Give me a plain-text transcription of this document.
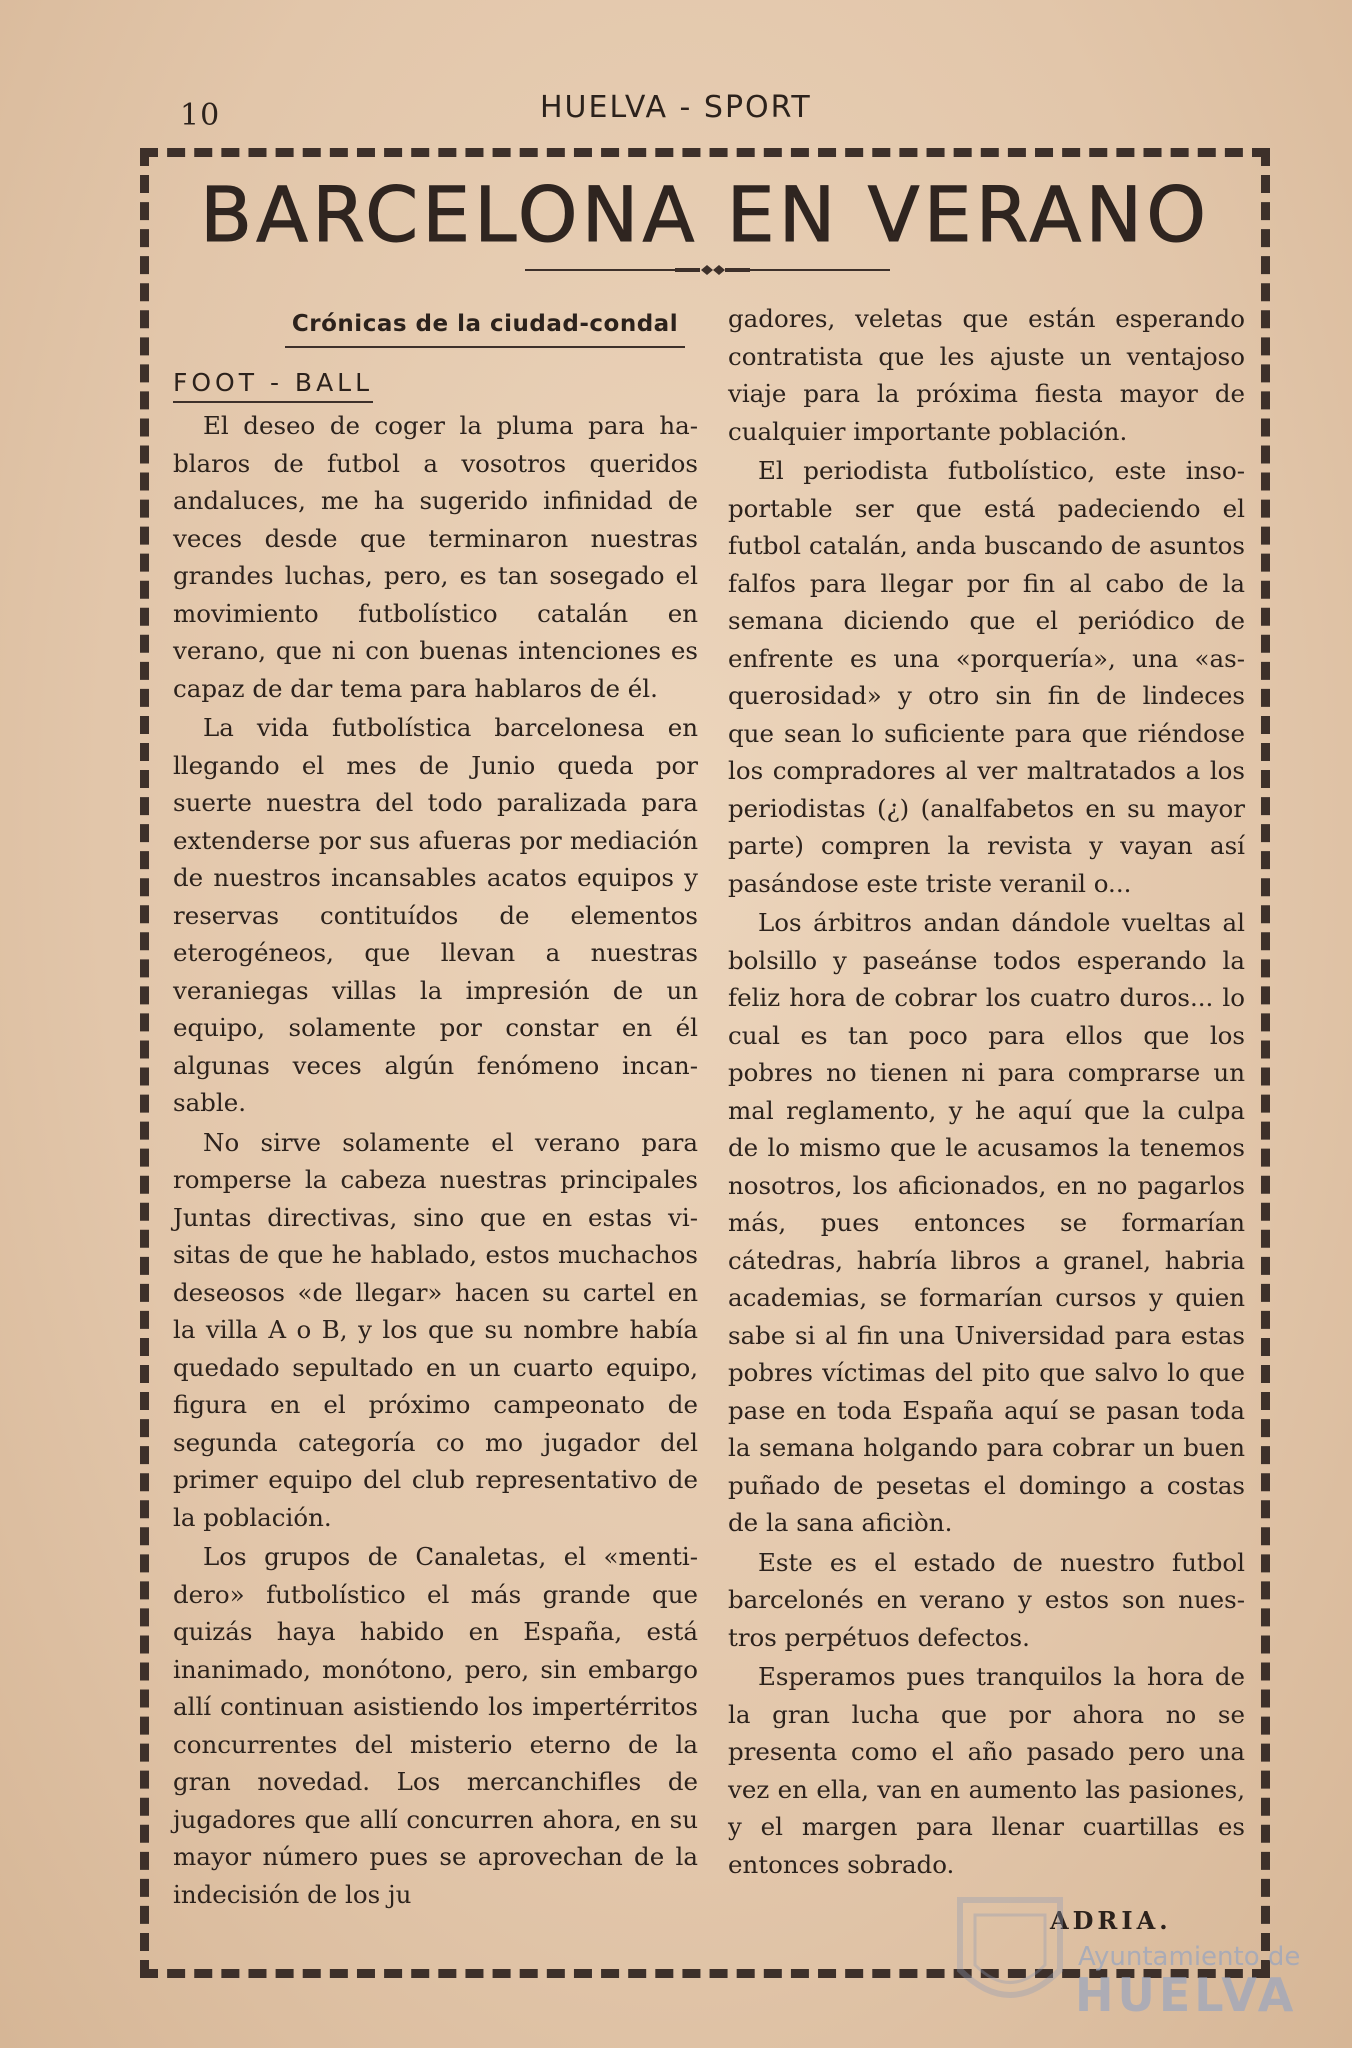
10	HUELVA - SPORT
BARCELONA EN VERANO
Crónicas de la ciudad-condal
FOOT - BALL

El deseo de coger la pluma para hablaros de futbol a vosotros queridos andaluces, me ha sugerido infinidad de veces desde que terminaron nuestras grandes luchas, pero, es tan sosegado el movimiento futbolístico catalán en verano, que ni con buenas intenciones es capaz de dar tema para hablaros de él.

La vida futbolística barcelonesa en llegando el mes de Junio queda por suerte nuestra del todo paralizada para extenderse por sus afueras por mediación de nuestros incansables acatos equipos y reservas contituídos de elementos eterogéneos, que llevan a nuestras veraniegas villas la impresión de un equipo, solamente por constar en él algunas veces algún fenómeno incansable.

No sirve solamente el verano para romperse la cabeza nuestras principales Juntas directivas, sino que en estas visitas de que he hablado, estos muchachos deseosos «de llegar» hacen su cartel en la villa A o B, y los que su nombre había quedado sepultado en un cuarto equipo, figura en el próximo campeonato de segunda categoría co mo jugador del primer equipo del club representativo de la población.

Los grupos de Canaletas, el «mentidero» futbolístico el más grande que quizás haya habido en España, está inanimado, monótono, pero, sin embargo allí continuan asistiendo los impertérritos concurrentes del misterio eterno de la gran novedad. Los mercanchifles de jugadores que allí concurren ahora, en su mayor número pues se aprovechan de la indecisión de los ju

gadores, veletas que están esperando contratista que les ajuste un ventajoso viaje para la próxima fiesta mayor de cualquier importante población.

El periodista futbolístico, este insoportable ser que está padeciendo el futbol catalán, anda buscando de asuntos falfos para llegar por fin al cabo de la semana diciendo que el periódico de enfrente es una «porquería», una «asquerosidad» y otro sin fin de lindeces que sean lo suficiente para que riéndose los compradores al ver maltratados a los periodistas (¿) (analfabetos en su mayor parte) compren la revista y vayan así pasándose este triste veranil o...

Los árbitros andan dándole vueltas al bolsillo y paseánse todos esperando la feliz hora de cobrar los cuatro duros... lo cual es tan poco para ellos que los pobres no tienen ni para comprarse un mal reglamento, y he aquí que la culpa de lo mismo que le acusamos la tenemos nosotros, los aficionados, en no pagarlos más, pues entonces se formarían cátedras, habría libros a granel, habria academias, se formarían cursos y quien sabe si al fin una Universidad para estas pobres víctimas del pito que salvo lo que pase en toda España aquí se pasan toda la semana holgando para cobrar un buen puñado de pesetas el domingo a costas de la sana aficiòn.

Este es el estado de nuestro futbol barcelonés en verano y estos son nuestros perpétuos defectos.

Esperamos pues tranquilos la hora de la gran lucha que por ahora no se presenta como el año pasado pero una vez en ella, van en aumento las pasiones, y el margen para llenar cuartillas es entonces sobrado.

ADRIA.
Ayuntamiento de
HUELVA
